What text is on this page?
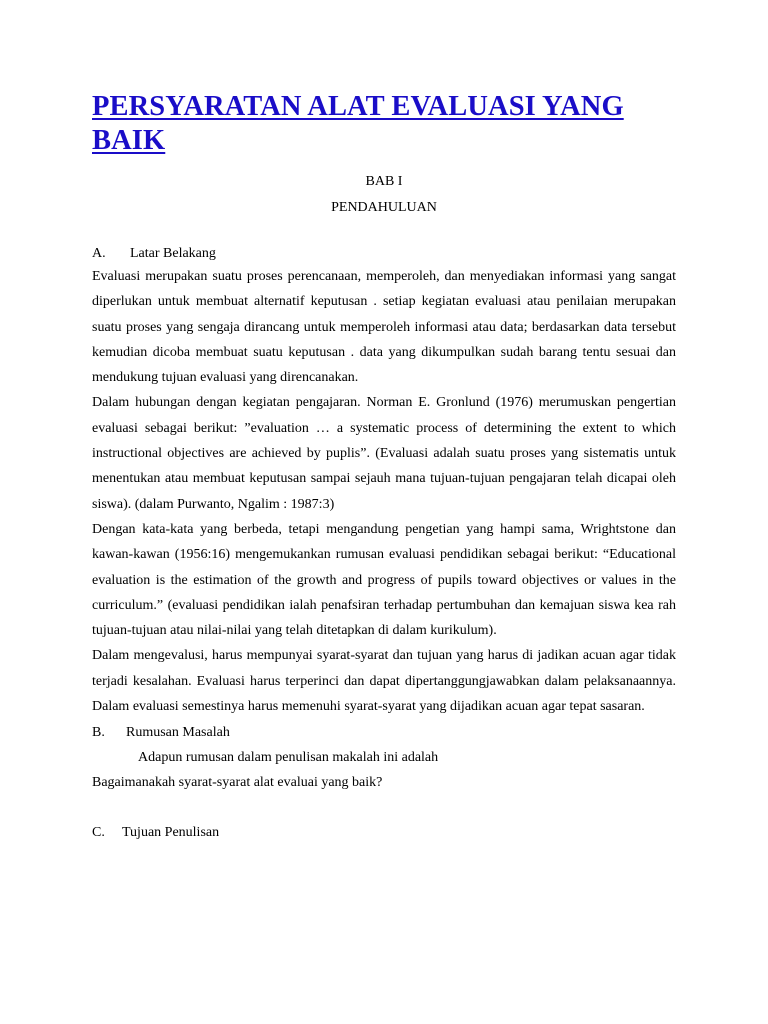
PERSYARATAN ALAT EVALUASI YANG BAIK
BAB I
PENDAHULUAN
A.	Latar Belakang

Evaluasi merupakan suatu proses perencanaan, memperoleh, dan menyediakan informasi yang sangat diperlukan untuk membuat alternatif keputusan . setiap kegiatan evaluasi atau penilaian merupakan suatu proses yang sengaja dirancang untuk memperoleh informasi atau data; berdasarkan data tersebut kemudian dicoba membuat suatu keputusan . data yang dikumpulkan sudah barang tentu sesuai dan mendukung tujuan evaluasi yang direncanakan.

Dalam hubungan dengan kegiatan pengajaran. Norman E. Gronlund (1976) merumuskan pengertian evaluasi sebagai berikut: ”evaluation … a systematic process of determining the extent to which instructional objectives are achieved by puplis”. (Evaluasi adalah suatu proses yang sistematis untuk menentukan atau membuat keputusan sampai sejauh mana tujuan-tujuan pengajaran telah dicapai oleh siswa). (dalam Purwanto, Ngalim : 1987:3)

Dengan kata-kata yang berbeda, tetapi mengandung pengetian yang hampi sama, Wrightstone dan kawan-kawan (1956:16) mengemukankan rumusan evaluasi pendidikan sebagai berikut: “Educational evaluation is the estimation of the growth and progress of pupils toward objectives or values in the curriculum.” (evaluasi pendidikan ialah penafsiran terhadap pertumbuhan dan kemajuan siswa kea rah tujuan-tujuan atau nilai-nilai yang telah ditetapkan di dalam kurikulum).

Dalam mengevalusi, harus mempunyai syarat-syarat dan tujuan yang harus di jadikan acuan agar tidak terjadi kesalahan. Evaluasi harus terperinci dan dapat dipertanggungjawabkan dalam pelaksanaannya. Dalam evaluasi semestinya harus memenuhi syarat-syarat yang dijadikan acuan agar tepat sasaran.

B.	Rumusan Masalah
Adapun rumusan dalam penulisan makalah ini adalah
Bagaimanakah syarat-syarat alat evaluai yang baik?
C.	Tujuan Penulisan
